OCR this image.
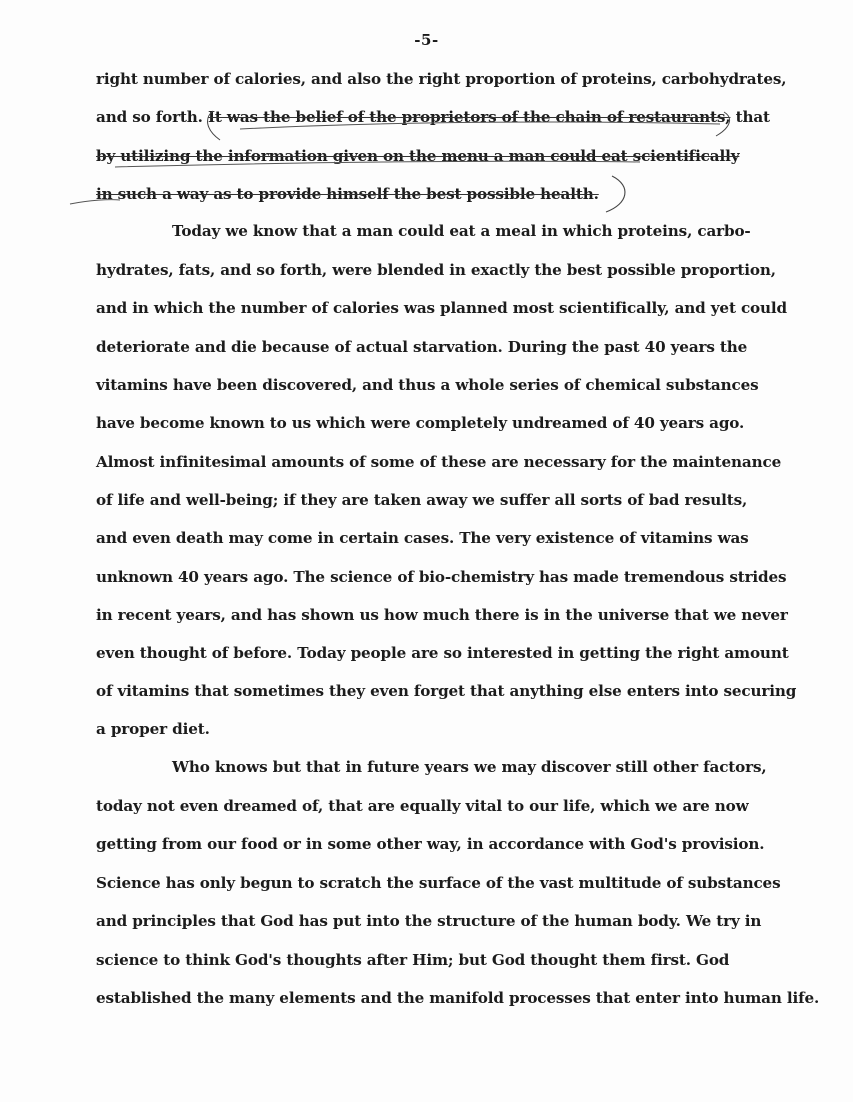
-5-
right number of calories, and also the right proportion of proteins, carbohydrates,
and so forth. It was the belief of the proprietors of the chain of restaurants, that
by utilizing the information given on the menu a man could eat scientifically
in such a way as to provide himself the best possible health.
Today we know that a man could eat a meal in which proteins, carbo-
hydrates, fats, and so forth, were blended in exactly the best possible proportion,
and in which the number of calories was planned most scientifically, and yet could
deteriorate and die because of actual starvation. During the past 40 years the
vitamins have been discovered, and thus a whole series of chemical substances
have become known to us which were completely undreamed of 40 years ago.
Almost infinitesimal amounts of some of these are necessary for the maintenance
of life and well-being; if they are taken away we suffer all sorts of bad results,
and even death may come in certain cases. The very existence of vitamins was
unknown 40 years ago. The science of bio-chemistry has made tremendous strides
in recent years, and has shown us how much there is in the universe that we never
even thought of before. Today people are so interested in getting the right amount
of vitamins that sometimes they even forget that anything else enters into securing
a proper diet.
Who knows but that in future years we may discover still other factors,
today not even dreamed of, that are equally vital to our life, which we are now
getting from our food or in some other way, in accordance with God's provision.
Science has only begun to scratch the surface of the vast multitude of substances
and principles that God has put into the structure of the human body. We try in
science to think God's thoughts after Him; but God thought them first. God
established the many elements and the manifold processes that enter into human life.
